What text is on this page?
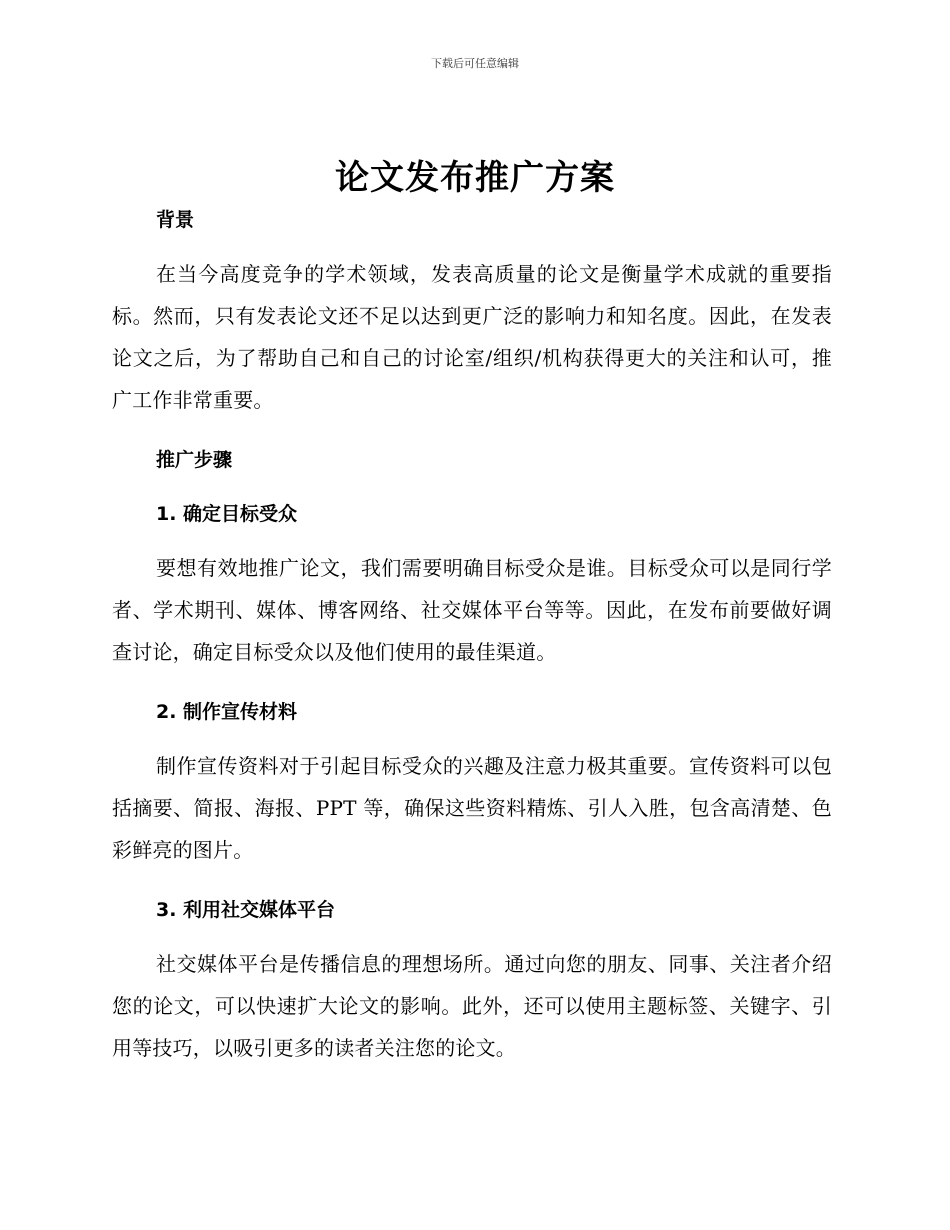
下载后可任意编辑
论文发布推广方案
背景

在当今高度竞争的学术领域，发表高质量的论文是衡量学术成就的重要指标。然而，只有发表论文还不足以达到更广泛的影响力和知名度。因此，在发表论文之后，为了帮助自己和自己的讨论室/组织/机构获得更大的关注和认可，推广工作非常重要。

推广步骤
1. 确定目标受众

要想有效地推广论文，我们需要明确目标受众是谁。目标受众可以是同行学者、学术期刊、媒体、博客网络、社交媒体平台等等。因此，在发布前要做好调查讨论，确定目标受众以及他们使用的最佳渠道。

2. 制作宣传材料

制作宣传资料对于引起目标受众的兴趣及注意力极其重要。宣传资料可以包括摘要、简报、海报、PPT 等，确保这些资料精炼、引人入胜，包含高清楚、色彩鲜亮的图片。

3. 利用社交媒体平台

社交媒体平台是传播信息的理想场所。通过向您的朋友、同事、关注者介绍您的论文，可以快速扩大论文的影响。此外，还可以使用主题标签、关键字、引用等技巧，以吸引更多的读者关注您的论文。
